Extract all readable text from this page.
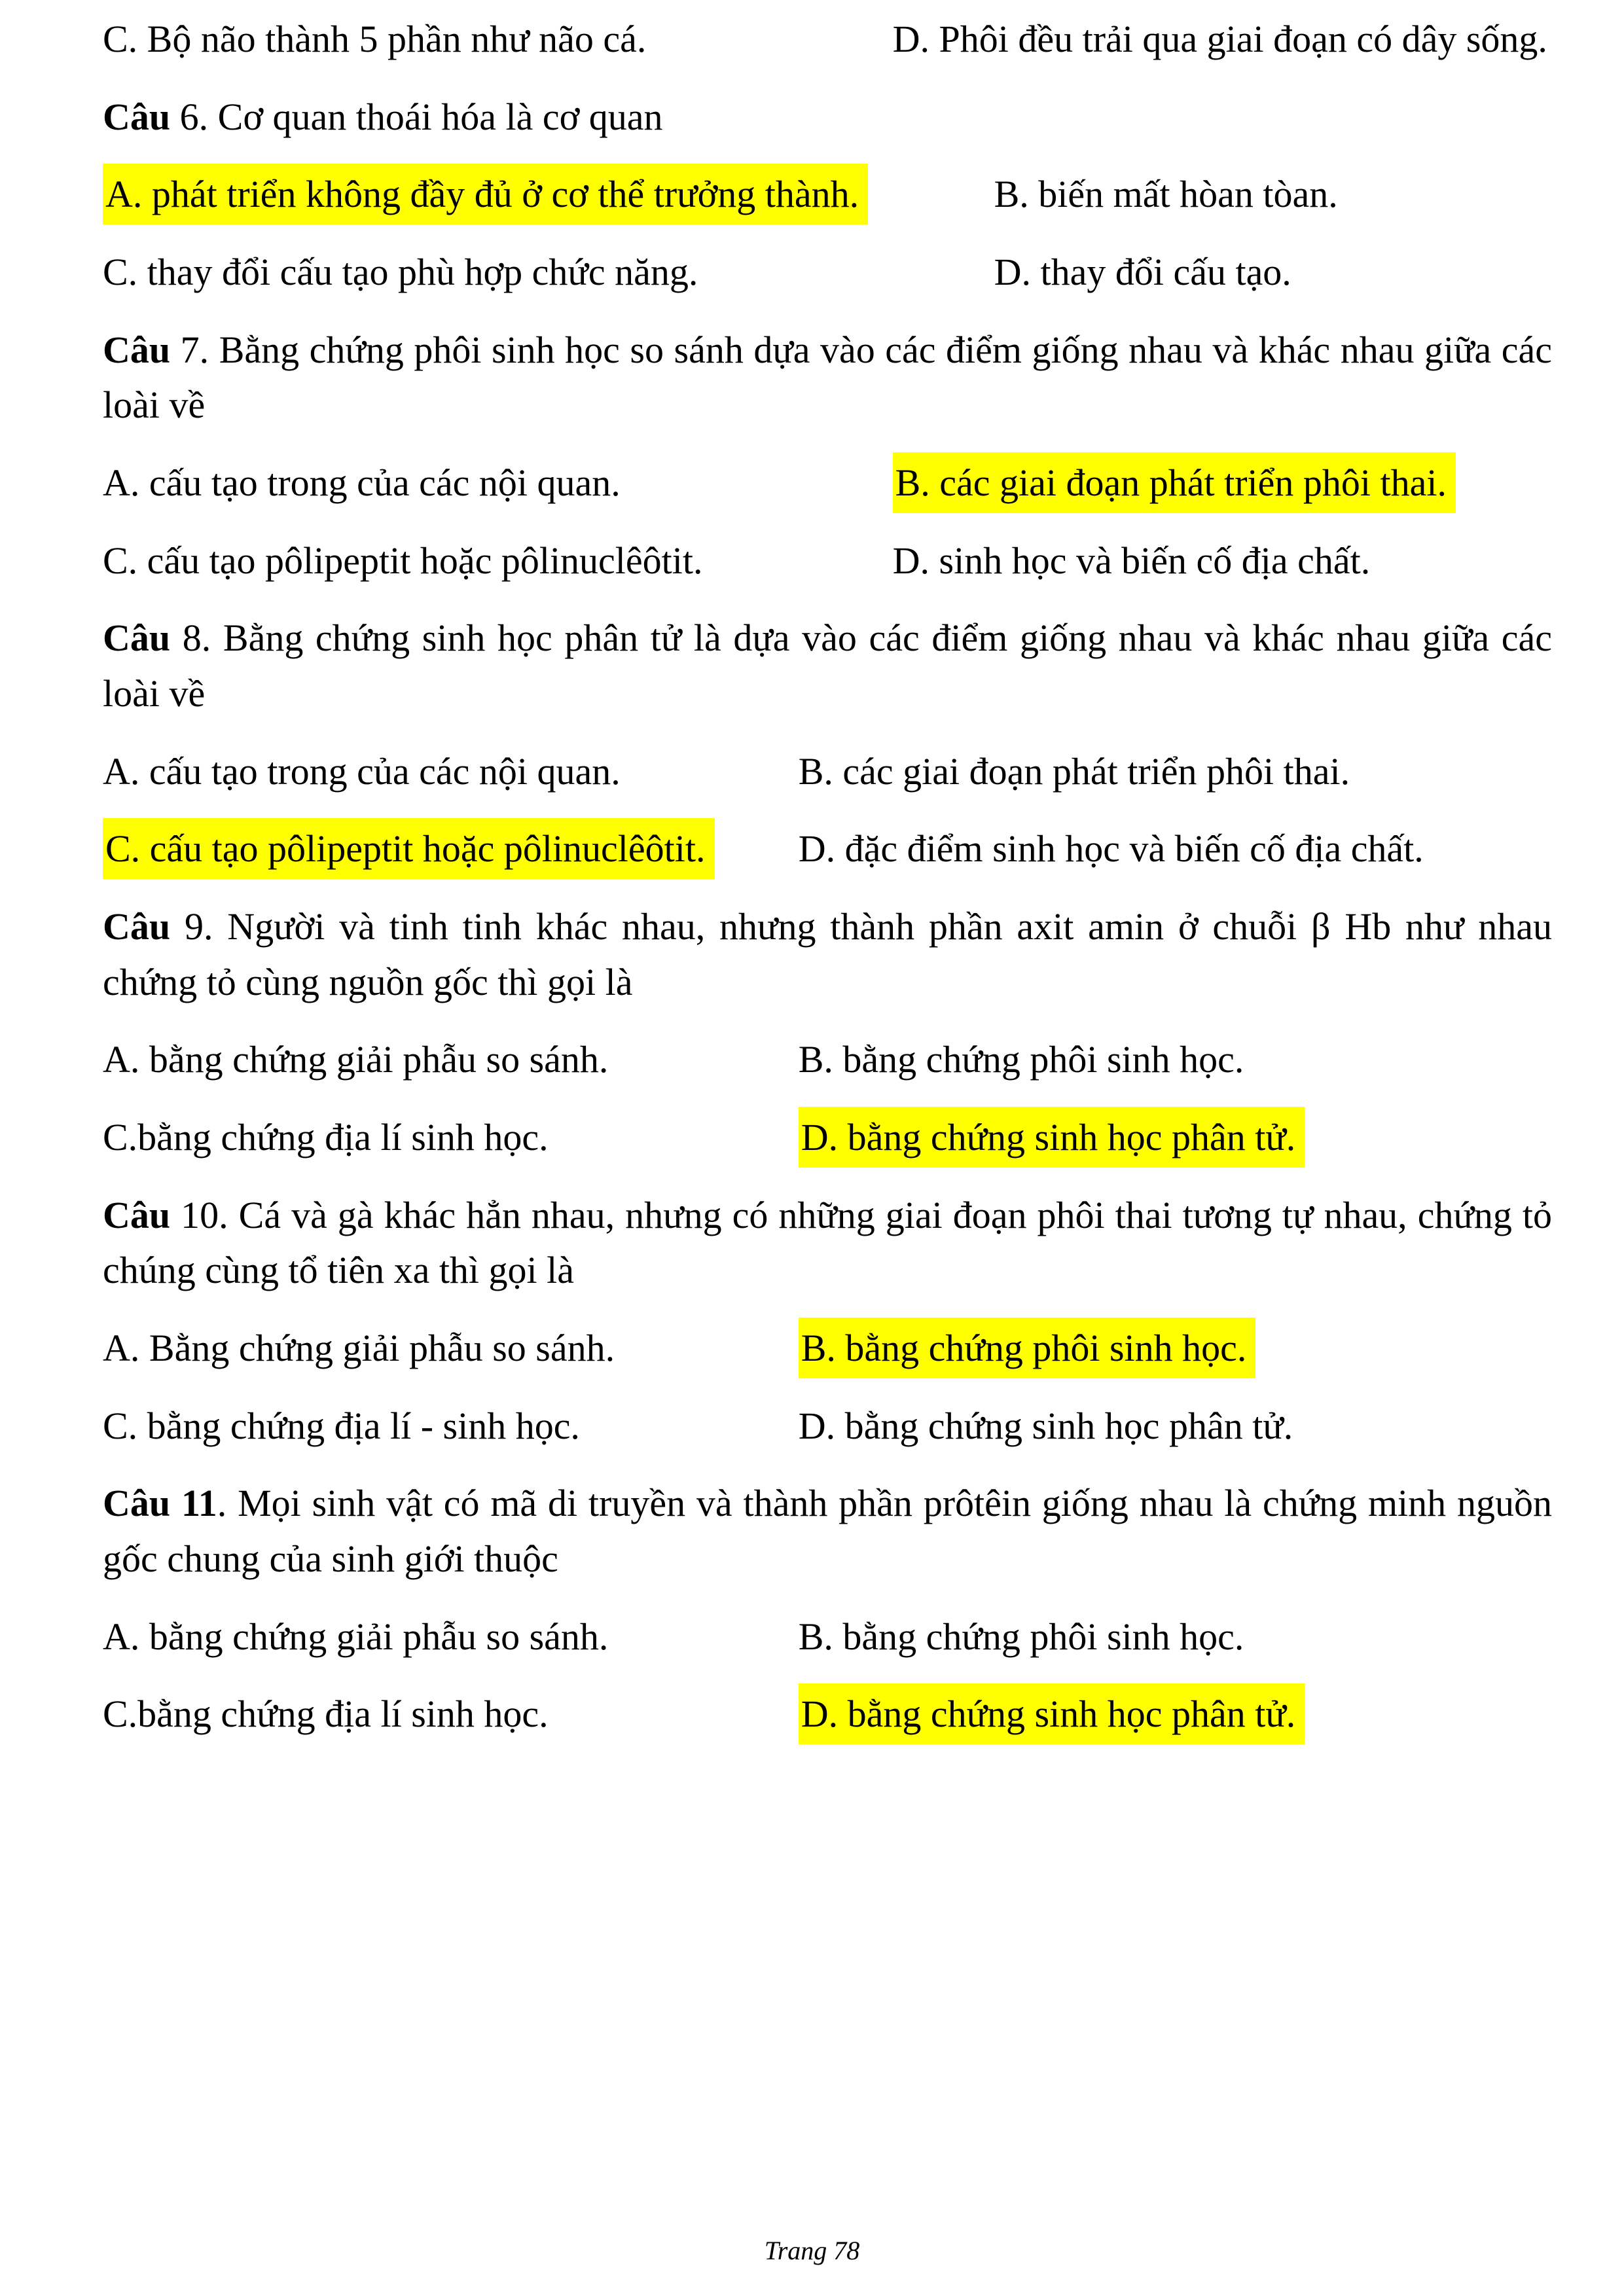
C. Bộ não thành 5 phần như não cá.	D. Phôi đều trải qua giai đoạn có dây sống.

Câu 6. Cơ quan thoái hóa là cơ quan

A. phát triển không đầy đủ ở cơ thể trưởng thành.	B. biến mất hòan tòan.
C. thay đổi cấu tạo phù hợp chức năng.	D. thay đổi cấu tạo.

Câu 7. Bằng chứng phôi sinh học so sánh dựa vào các điểm giống nhau và khác nhau giữa các loài về

A. cấu tạo trong của các nội quan.	B. các giai đoạn phát triển phôi thai.
C. cấu tạo pôlipeptit hoặc pôlinuclêôtit.	D. sinh học và biến cố địa chất.

Câu 8. Bằng chứng sinh học phân tử là dựa vào các điểm giống nhau và khác nhau giữa các loài về

A. cấu tạo trong của các nội quan.	B. các giai đoạn phát triển phôi thai.
C. cấu tạo pôlipeptit hoặc pôlinuclêôtit.	D. đặc điểm sinh học và biến cố địa chất.

Câu 9. Người và tinh tinh khác nhau, nhưng thành phần axit amin ở chuỗi β Hb như nhau chứng tỏ cùng nguồn gốc thì gọi là

A. bằng chứng giải phẫu so sánh.	B. bằng chứng phôi sinh học.
C.bằng chứng địa lí sinh học.	D. bằng chứng sinh học phân tử.

Câu 10. Cá và gà khác hẳn nhau, nhưng có những giai đoạn phôi thai tương tự nhau, chứng tỏ chúng cùng tổ tiên xa thì gọi là

A. Bằng chứng giải phẫu so sánh.	B. bằng chứng phôi sinh học.
C. bằng chứng địa lí - sinh học.	D. bằng chứng sinh học phân tử.

Câu 11. Mọi sinh vật có mã di truyền và thành phần prôtêin giống nhau là chứng minh nguồn gốc chung của sinh giới thuộc

A. bằng chứng giải phẫu so sánh.	B. bằng chứng phôi sinh học.
C.bằng chứng địa lí sinh học.	D. bằng chứng sinh học phân tử.
Trang 78
